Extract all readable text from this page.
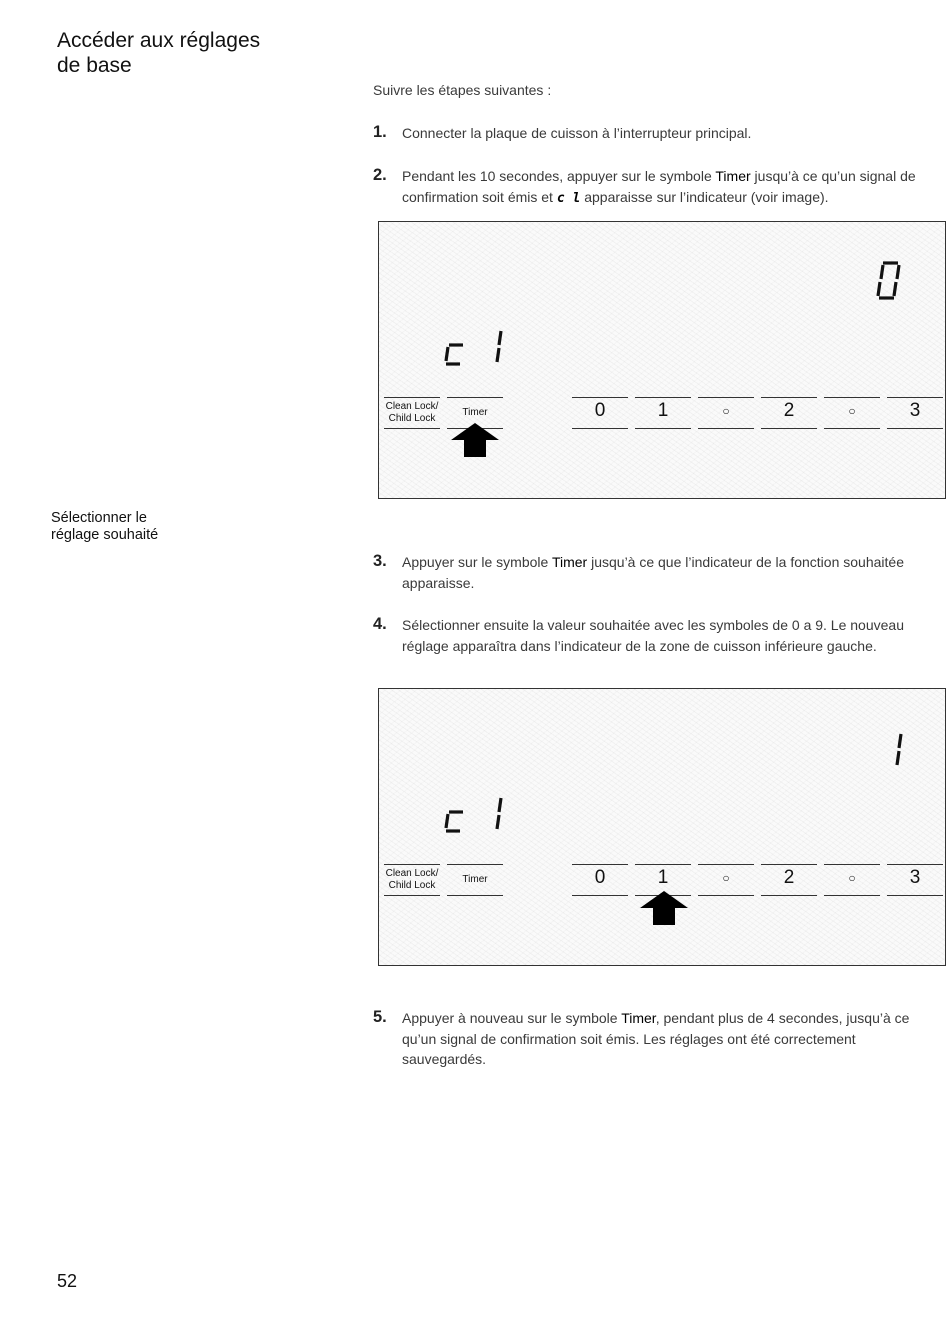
Accéder aux réglages
de base
Suivre les étapes suivantes :
1. Connecter la plaque de cuisson à l’interrupteur principal.
2. Pendant les 10 secondes, appuyer sur le symbole Timer jusqu’à ce qu’un signal de confirmation soit émis et c l apparaisse sur l’indicateur (voir image).
Clean Lock/
Child Lock
Timer	0	1	○	2	○	3
Sélectionner le
réglage souhaité
3. Appuyer sur le symbole Timer jusqu’à ce que l’indicateur de la fonction souhaitée apparaisse.
4. Sélectionner ensuite la valeur souhaitée avec les symboles de 0 a 9. Le nouveau réglage apparaîtra dans l’indicateur de la zone de cuisson inférieure gauche.
Clean Lock/
Child Lock
Timer	0	1	○	2	○	3
5. Appuyer à nouveau sur le symbole Timer, pendant plus de 4 secondes, jusqu’à ce qu’un signal de confirmation soit émis. Les réglages ont été correctement sauvegardés.
52
